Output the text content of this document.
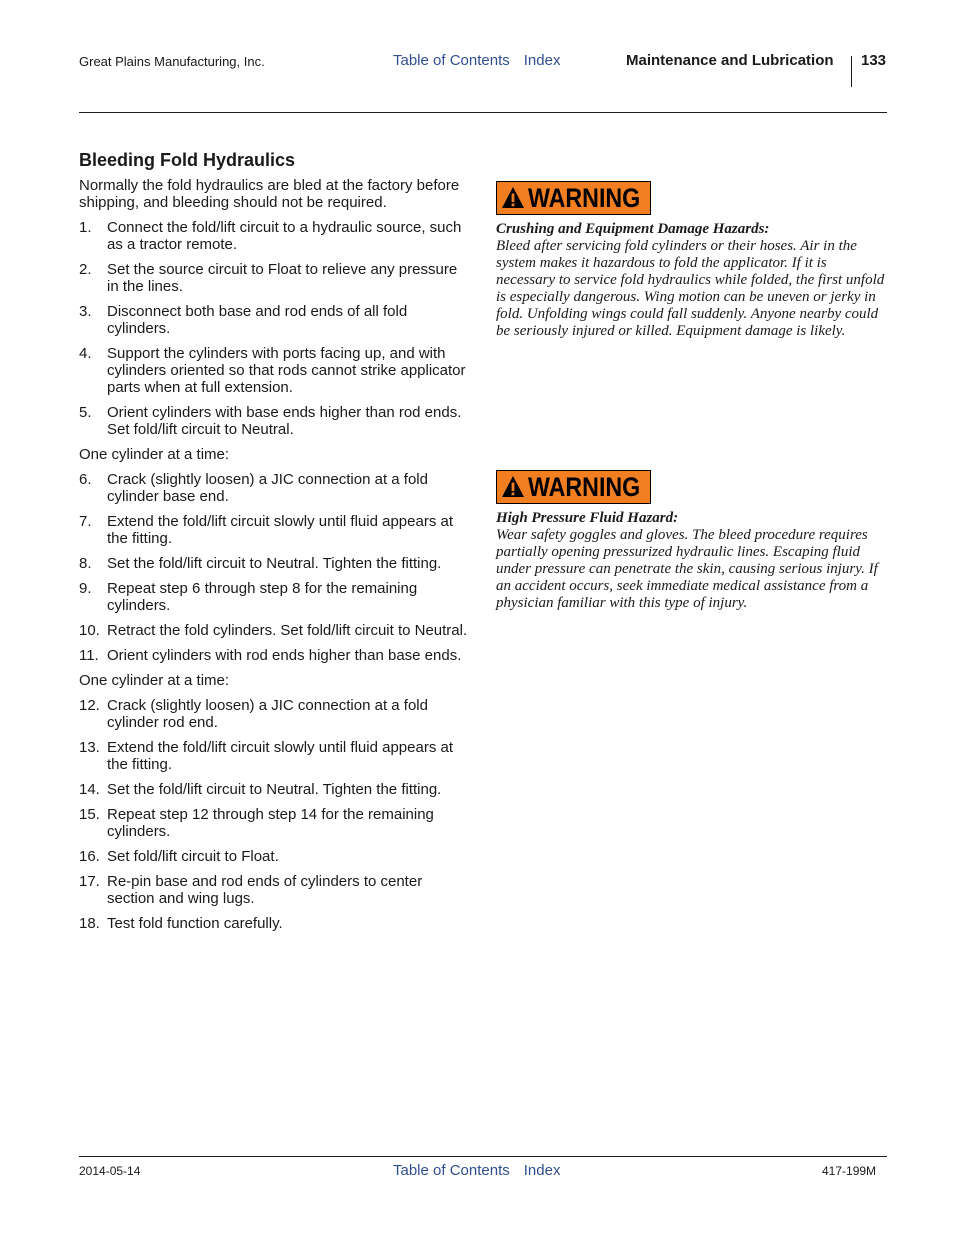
Great Plains Manufacturing, Inc.	Table of Contents Index	Maintenance and Lubrication 133
Bleeding Fold Hydraulics

Normally the fold hydraulics are bled at the factory before shipping, and bleeding should not be required.

1.	Connect the fold/lift circuit to a hydraulic source, such as a tractor remote.
2.	Set the source circuit to Float to relieve any pressure in the lines.
3.	Disconnect both base and rod ends of all fold cylinders.
4.	Support the cylinders with ports facing up, and with cylinders oriented so that rods cannot strike applicator parts when at full extension.
5.	Orient cylinders with base ends higher than rod ends. Set fold/lift circuit to Neutral.

One cylinder at a time:

6.	Crack (slightly loosen) a JIC connection at a fold cylinder base end.
7.	Extend the fold/lift circuit slowly until fluid appears at the fitting.
8.	Set the fold/lift circuit to Neutral. Tighten the fitting.
9.	Repeat step 6 through step 8 for the remaining cylinders.
10. Retract the fold cylinders. Set fold/lift circuit to Neutral.
11. Orient cylinders with rod ends higher than base ends.

One cylinder at a time:

12. Crack (slightly loosen) a JIC connection at a fold cylinder rod end.
13. Extend the fold/lift circuit slowly until fluid appears at the fitting.
14. Set the fold/lift circuit to Neutral. Tighten the fitting.
15. Repeat step 12 through step 14 for the remaining cylinders.
16. Set fold/lift circuit to Float.
17. Re-pin base and rod ends of cylinders to center section and wing lugs.
18. Test fold function carefully.
WARNING
Crushing and Equipment Damage Hazards:
Bleed after servicing fold cylinders or their hoses. Air in the system makes it hazardous to fold the applicator. If it is necessary to service fold hydraulics while folded, the first unfold is especially dangerous. Wing motion can be uneven or jerky in fold. Unfolding wings could fall suddenly. Anyone nearby could be seriously injured or killed. Equipment damage is likely.
WARNING
High Pressure Fluid Hazard:
Wear safety goggles and gloves. The bleed procedure requires partially opening pressurized hydraulic lines. Escaping fluid under pressure can penetrate the skin, causing serious injury. If an accident occurs, seek immediate medical assistance from a physician familiar with this type of injury.
2014-05-14	Table of Contents Index	417-199M
